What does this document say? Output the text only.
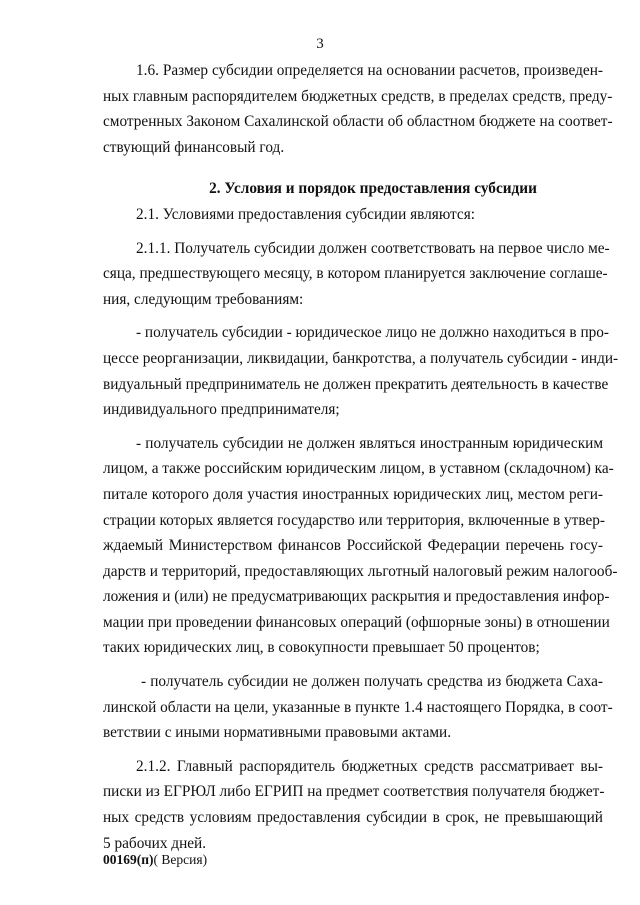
3
1.6. Размер субсидии определяется на основании расчетов, произведен-
ных главным распорядителем бюджетных средств, в пределах средств, преду-
смотренных Законом Сахалинской области об областном бюджете на соответ-
ствующий финансовый год.
2. Условия и порядок предоставления субсидии
2.1. Условиями предоставления субсидии являются:
2.1.1. Получатель субсидии должен соответствовать на первое число ме-
сяца, предшествующего месяцу, в котором планируется заключение соглаше-
ния, следующим требованиям:
- получатель субсидии - юридическое лицо не должно находиться в про-
цессе реорганизации, ликвидации, банкротства, а получатель субсидии - инди-
видуальный предприниматель не должен прекратить деятельность в качестве
индивидуального предпринимателя;
- получатель субсидии не должен являться иностранным юридическим
лицом, а также российским юридическим лицом, в уставном (складочном) ка-
питале которого доля участия иностранных юридических лиц, местом реги-
страции которых является государство или территория, включенные в утвер-
ждаемый Министерством финансов Российской Федерации перечень госу-
дарств и территорий, предоставляющих льготный налоговый режим налогооб-
ложения и (или) не предусматривающих раскрытия и предоставления инфор-
мации при проведении финансовых операций (офшорные зоны) в отношении
таких юридических лиц, в совокупности превышает 50 процентов;
- получатель субсидии не должен получать средства из бюджета Саха-
линской области на цели, указанные в пункте 1.4 настоящего Порядка, в соот-
ветствии с иными нормативными правовыми актами.
2.1.2. Главный распорядитель бюджетных средств рассматривает вы-
писки из ЕГРЮЛ либо ЕГРИП на предмет соответствия получателя бюджет-
ных средств условиям предоставления субсидии в срок, не превышающий
5 рабочих дней.
00169(п)( Версия)
